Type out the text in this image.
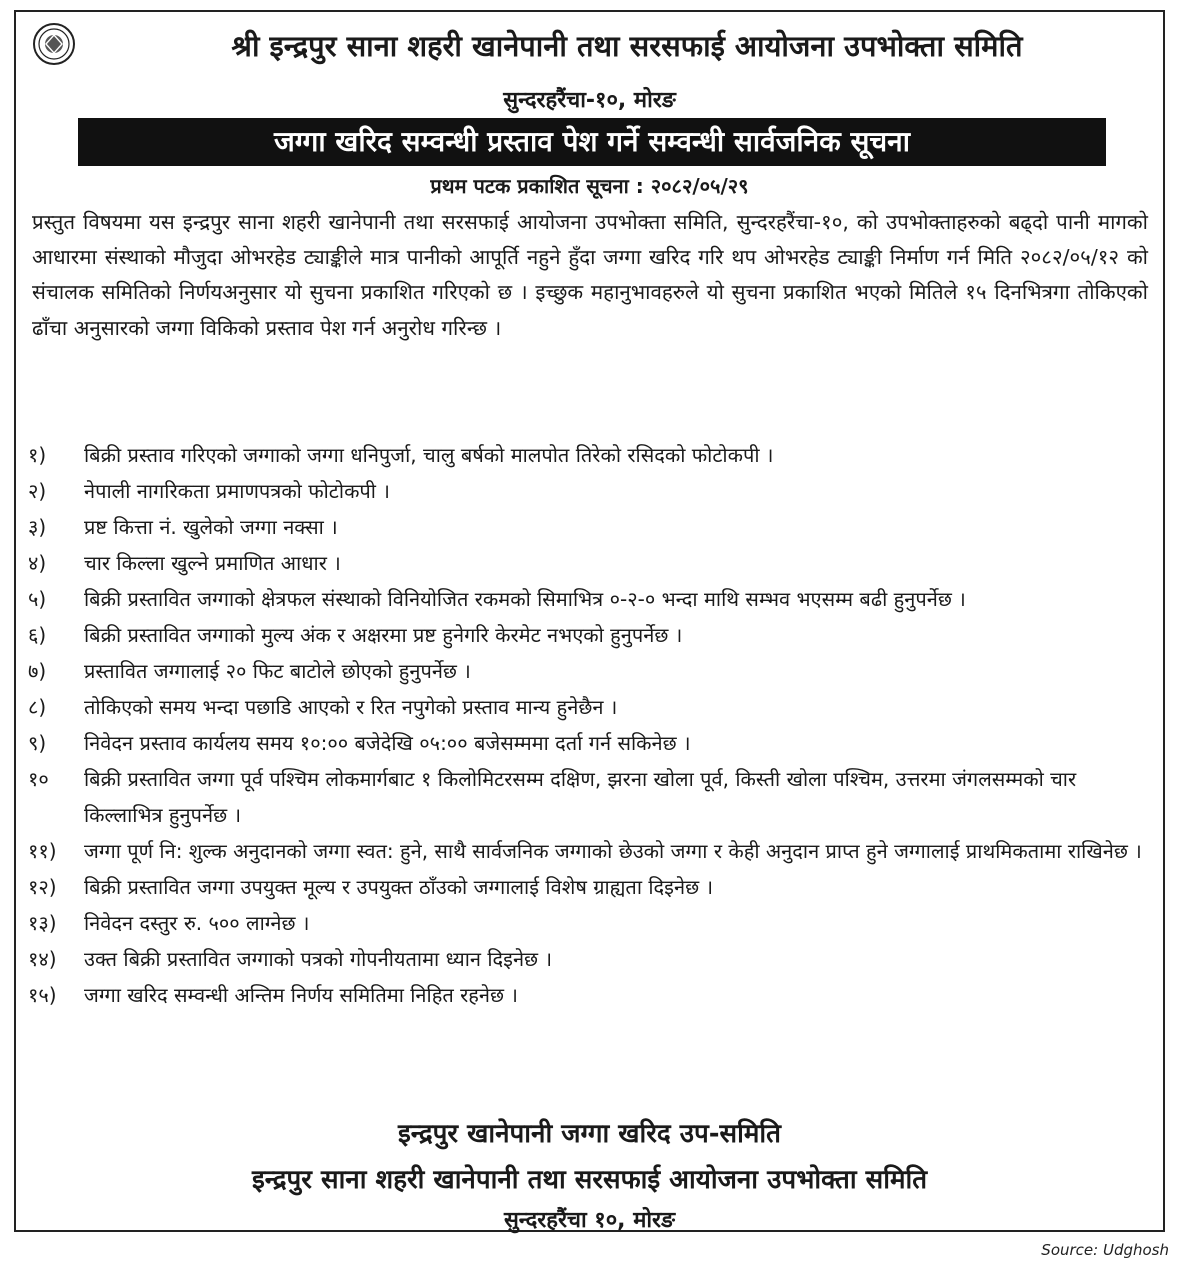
श्री इन्द्रपुर साना शहरी खानेपानी तथा सरसफाई आयोजना उपभोक्ता समिति
सुन्दरहरैंचा-१०, मोरङ
जग्गा खरिद सम्वन्धी प्रस्ताव पेश गर्ने सम्वन्धी सार्वजनिक सूचना
प्रथम पटक प्रकाशित सूचना : २०८२/०५/२९

प्रस्तुत विषयमा यस इन्द्रपुर साना शहरी खानेपानी तथा सरसफाई आयोजना उपभोक्ता समिति, सुन्दरहरैंचा-१०, को उपभोक्ताहरुको बढ्दो पानी मागको आधारमा संस्थाको मौजुदा ओभरहेड ट्याङ्कीले मात्र पानीको आपूर्ति नहुने हुँदा जग्गा खरिद गरि थप ओभरहेड ट्याङ्की निर्माण गर्न मिति २०८२/०५/१२ को संचालक समितिको निर्णयअनुसार यो सुचना प्रकाशित गरिएको छ । इच्छुक महानुभावहरुले यो सुचना प्रकाशित भएको मितिले १५ दिनभित्रगा तोकिएको ढाँचा अनुसारको जग्गा विकिको प्रस्ताव पेश गर्न अनुरोध गरिन्छ ।

१)	बिक्री प्रस्ताव गरिएको जग्गाको जग्गा धनिपुर्जा, चालु बर्षको मालपोत तिरेको रसिदको फोटोकपी ।
२)	नेपाली नागरिकता प्रमाणपत्रको फोटोकपी ।
३)	प्रष्ट कित्ता नं. खुलेको जग्गा नक्सा ।
४)	चार किल्ला खुल्ने प्रमाणित आधार ।
५)	बिक्री प्रस्तावित जग्गाको क्षेत्रफल संस्थाको विनियोजित रकमको सिमाभित्र ०-२-० भन्दा माथि सम्भव भएसम्म बढी हुनुपर्नेछ ।
६)	बिक्री प्रस्तावित जग्गाको मुल्य अंक र अक्षरमा प्रष्ट हुनेगरि केरमेट नभएको हुनुपर्नेछ ।
७)	प्रस्तावित जग्गालाई २० फिट बाटोले छोएको हुनुपर्नेछ ।
८)	तोकिएको समय भन्दा पछाडि आएको र रित नपुगेको प्रस्ताव मान्य हुनेछैन ।
९)	निवेदन प्रस्ताव कार्यलय समय १०:०० बजेदेखि ०५:०० बजेसम्ममा दर्ता गर्न सकिनेछ ।
१०	बिक्री प्रस्तावित जग्गा पूर्व पश्चिम लोकमार्गबाट १ किलोमिटरसम्म दक्षिण, झरना खोला पूर्व, किस्ती खोला पश्चिम, उत्तरमा जंगलसम्मको चार किल्लाभित्र हुनुपर्नेछ ।
११)	जग्गा पूर्ण नि: शुल्क अनुदानको जग्गा स्वत: हुने, साथै सार्वजनिक जग्गाको छेउको जग्गा र केही अनुदान प्राप्त हुने जग्गालाई प्राथमिकतामा राखिनेछ ।
१२)	बिक्री प्रस्तावित जग्गा उपयुक्त मूल्य र उपयुक्त ठाँउको जग्गालाई विशेष ग्राह्यता दिइनेछ ।
१३)	निवेदन दस्तुर रु. ५०० लाग्नेछ ।
१४)	उक्त बिक्री प्रस्तावित जग्गाको पत्रको गोपनीयतामा ध्यान दिइनेछ ।
१५)	जग्गा खरिद सम्वन्धी अन्तिम निर्णय समितिमा निहित रहनेछ ।
इन्द्रपुर खानेपानी जग्गा खरिद उप-समिति
इन्द्रपुर साना शहरी खानेपानी तथा सरसफाई आयोजना उपभोक्ता समिति
सुन्दरहरैंचा १०, मोरङ
Source: Udghosh
